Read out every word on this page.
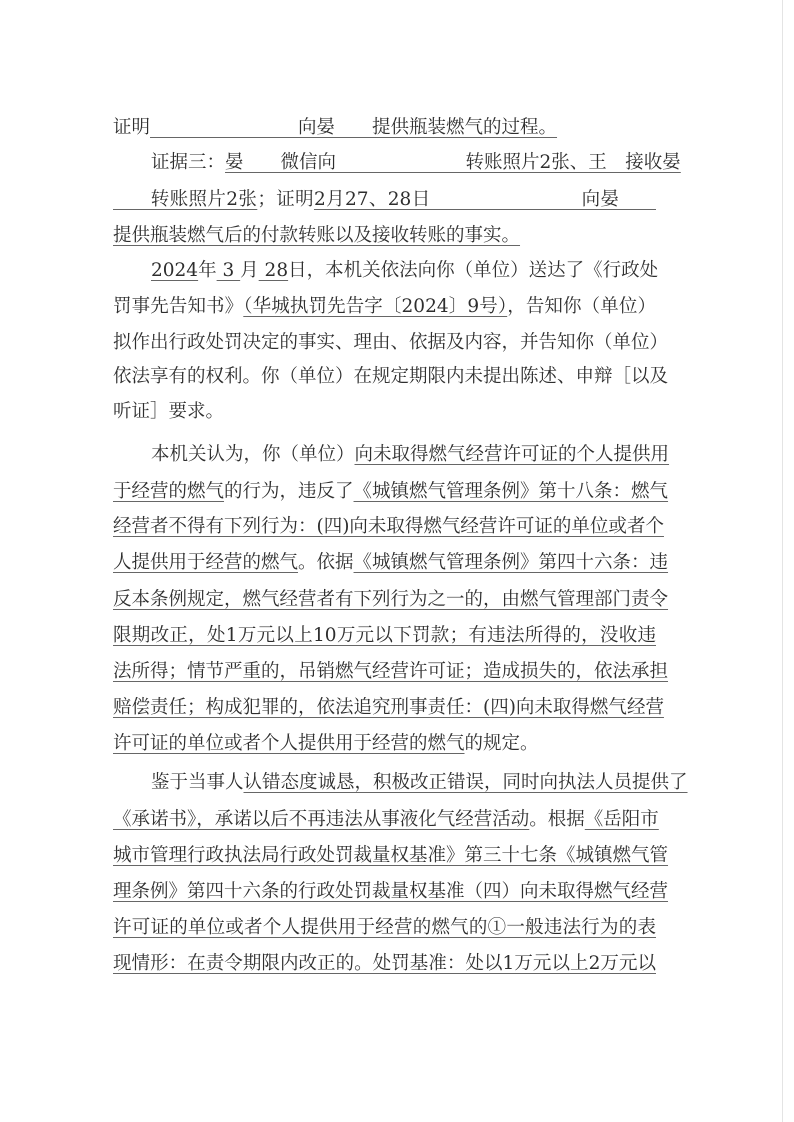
证明　　　　　　　　向晏　　提供瓶装燃气的过程。
证据三：晏　　微信向　　　　　　　转账照片2张、王　接收晏
　　转账照片2张；证明2月27、28日　　　　　　　　向晏　　
提供瓶装燃气后的付款转账以及接收转账的事实。
2024年 3 月 28日，本机关依法向你（单位）送达了《行政处
罚事先告知书》（华城执罚先告字〔2024〕9号），告知你（单位）
拟作出行政处罚决定的事实、理由、依据及内容，并告知你（单位）
依法享有的权利。你（单位）在规定期限内未提出陈述、申辩［以及
听证］要求。
本机关认为，你（单位）向未取得燃气经营许可证的个人提供用
于经营的燃气的行为，违反了《城镇燃气管理条例》第十八条：燃气
经营者不得有下列行为：(四)向未取得燃气经营许可证的单位或者个
人提供用于经营的燃气。依据《城镇燃气管理条例》第四十六条：违
反本条例规定，燃气经营者有下列行为之一的，由燃气管理部门责令
限期改正，处1万元以上10万元以下罚款；有违法所得的，没收违
法所得；情节严重的，吊销燃气经营许可证；造成损失的，依法承担
赔偿责任；构成犯罪的，依法追究刑事责任：(四)向未取得燃气经营
许可证的单位或者个人提供用于经营的燃气的规定。
鉴于当事人认错态度诚恳，积极改正错误，同时向执法人员提供了
《承诺书》，承诺以后不再违法从事液化气经营活动。根据《岳阳市
城市管理行政执法局行政处罚裁量权基准》第三十七条《城镇燃气管
理条例》第四十六条的行政处罚裁量权基准（四）向未取得燃气经营
许可证的单位或者个人提供用于经营的燃气的①一般违法行为的表
现情形：在责令期限内改正的。处罚基准：处以1万元以上2万元以
